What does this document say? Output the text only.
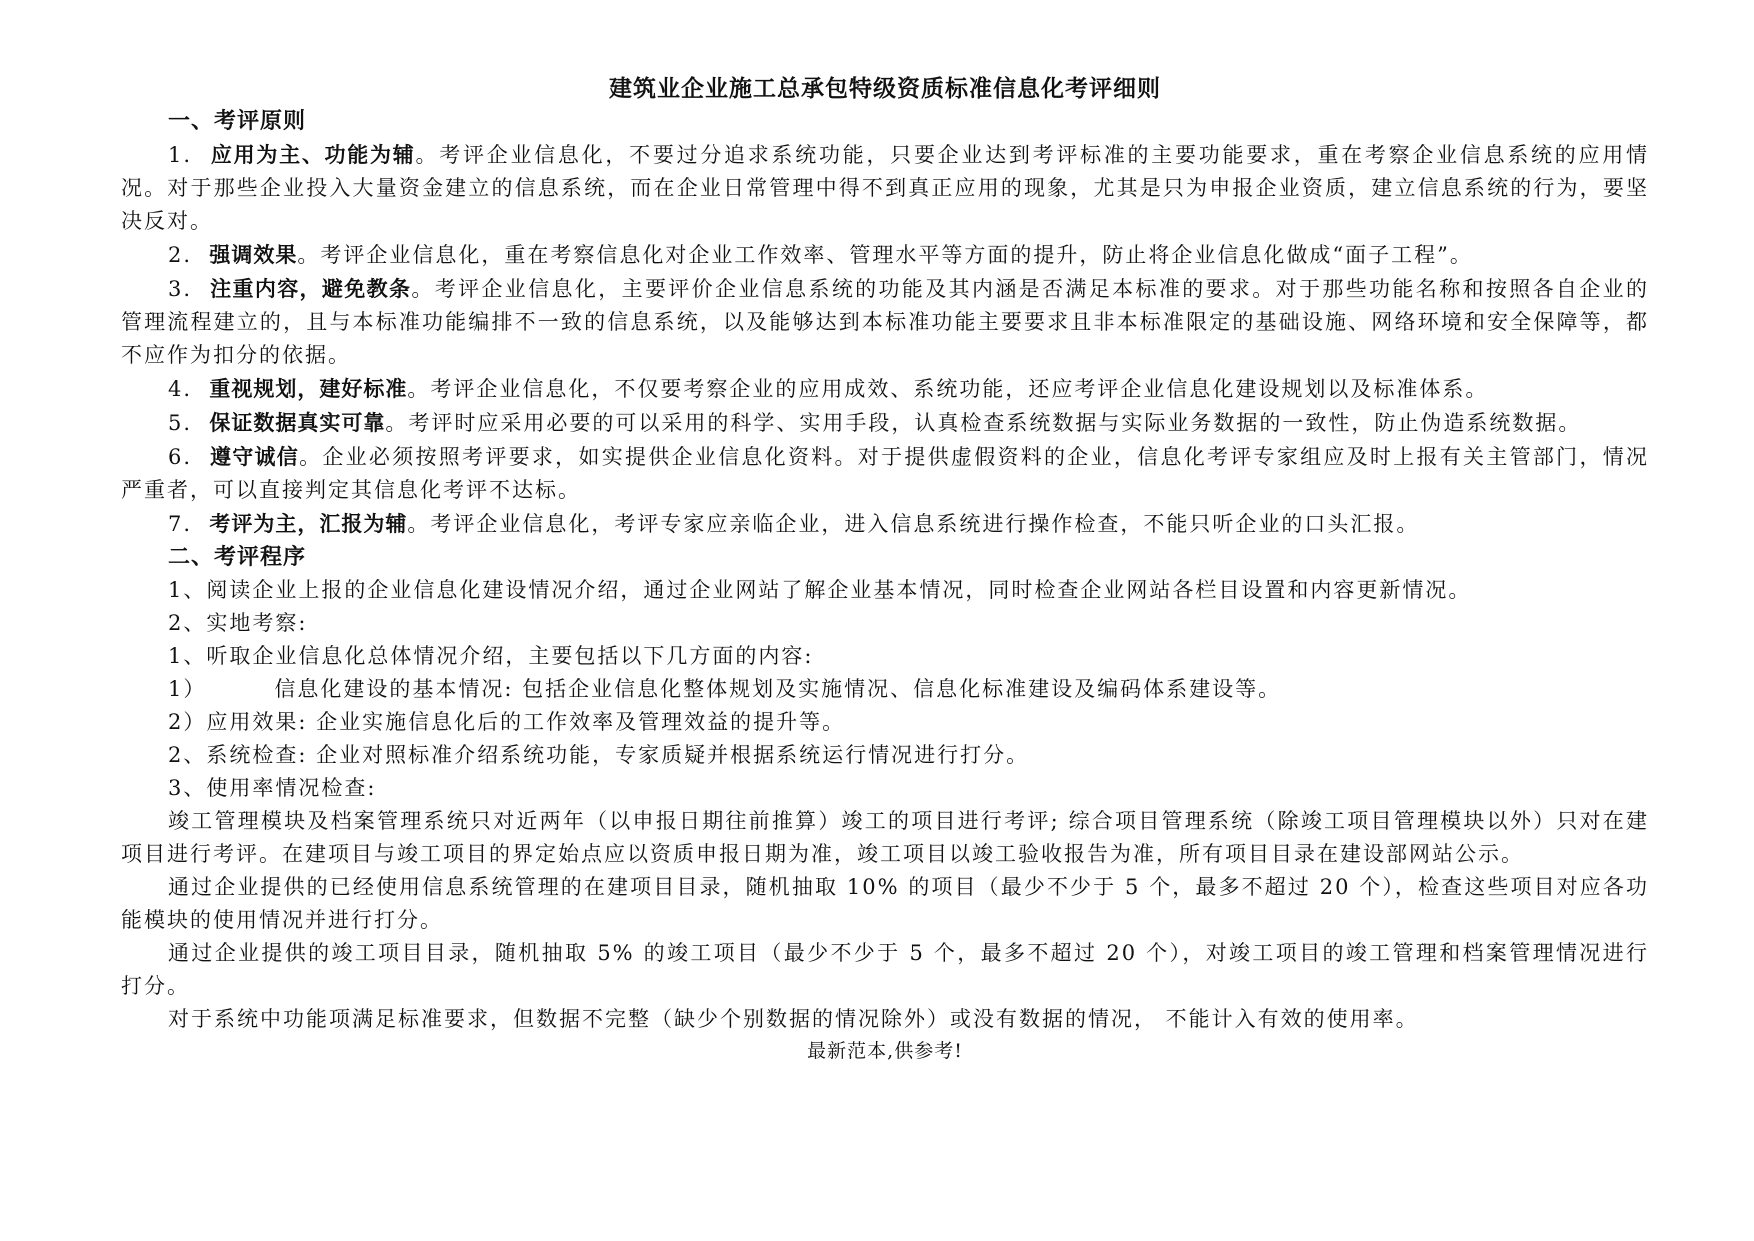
建筑业企业施工总承包特级资质标准信息化考评细则
一、考评原则

1. 应用为主、功能为辅。考评企业信息化，不要过分追求系统功能，只要企业达到考评标准的主要功能要求，重在考察企业信息系统的应用情况。对于那些企业投入大量资金建立的信息系统，而在企业日常管理中得不到真正应用的现象，尤其是只为申报企业资质，建立信息系统的行为，要坚决反对。

2. 强调效果。考评企业信息化，重在考察信息化对企业工作效率、管理水平等方面的提升，防止将企业信息化做成“面子工程”。

3. 注重内容，避免教条。考评企业信息化，主要评价企业信息系统的功能及其内涵是否满足本标准的要求。对于那些功能名称和按照各自企业的管理流程建立的，且与本标准功能编排不一致的信息系统，以及能够达到本标准功能主要要求且非本标准限定的基础设施、网络环境和安全保障等，都不应作为扣分的依据。

4. 重视规划，建好标准。考评企业信息化，不仅要考察企业的应用成效、系统功能，还应考评企业信息化建设规划以及标准体系。

5. 保证数据真实可靠。考评时应采用必要的可以采用的科学、实用手段，认真检查系统数据与实际业务数据的一致性，防止伪造系统数据。

6. 遵守诚信。企业必须按照考评要求，如实提供企业信息化资料。对于提供虚假资料的企业，信息化考评专家组应及时上报有关主管部门，情况严重者，可以直接判定其信息化考评不达标。

7. 考评为主，汇报为辅。考评企业信息化，考评专家应亲临企业，进入信息系统进行操作检查，不能只听企业的口头汇报。

二、考评程序
1、阅读企业上报的企业信息化建设情况介绍，通过企业网站了解企业基本情况，同时检查企业网站各栏目设置和内容更新情况。
2、实地考察:
1、听取企业信息化总体情况介绍，主要包括以下几方面的内容:
1）	信息化建设的基本情况: 包括企业信息化整体规划及实施情况、信息化标准建设及编码体系建设等。
2）应用效果: 企业实施信息化后的工作效率及管理效益的提升等。
2、系统检查: 企业对照标准介绍系统功能，专家质疑并根据系统运行情况进行打分。
3、使用率情况检查:

竣工管理模块及档案管理系统只对近两年（以申报日期往前推算）竣工的项目进行考评; 综合项目管理系统（除竣工项目管理模块以外）只对在建项目进行考评。在建项目与竣工项目的界定始点应以资质申报日期为准，竣工项目以竣工验收报告为准，所有项目目录在建设部网站公示。

通过企业提供的已经使用信息系统管理的在建项目目录，随机抽取 10% 的项目（最少不少于 5 个，最多不超过 20 个），检查这些项目对应各功能模块的使用情况并进行打分。

通过企业提供的竣工项目目录，随机抽取 5% 的竣工项目（最少不少于 5 个，最多不超过 20 个），对竣工项目的竣工管理和档案管理情况进行打分。

对于系统中功能项满足标准要求，但数据不完整（缺少个别数据的情况除外）或没有数据的情况， 不能计入有效的使用率。

最新范本,供参考!
